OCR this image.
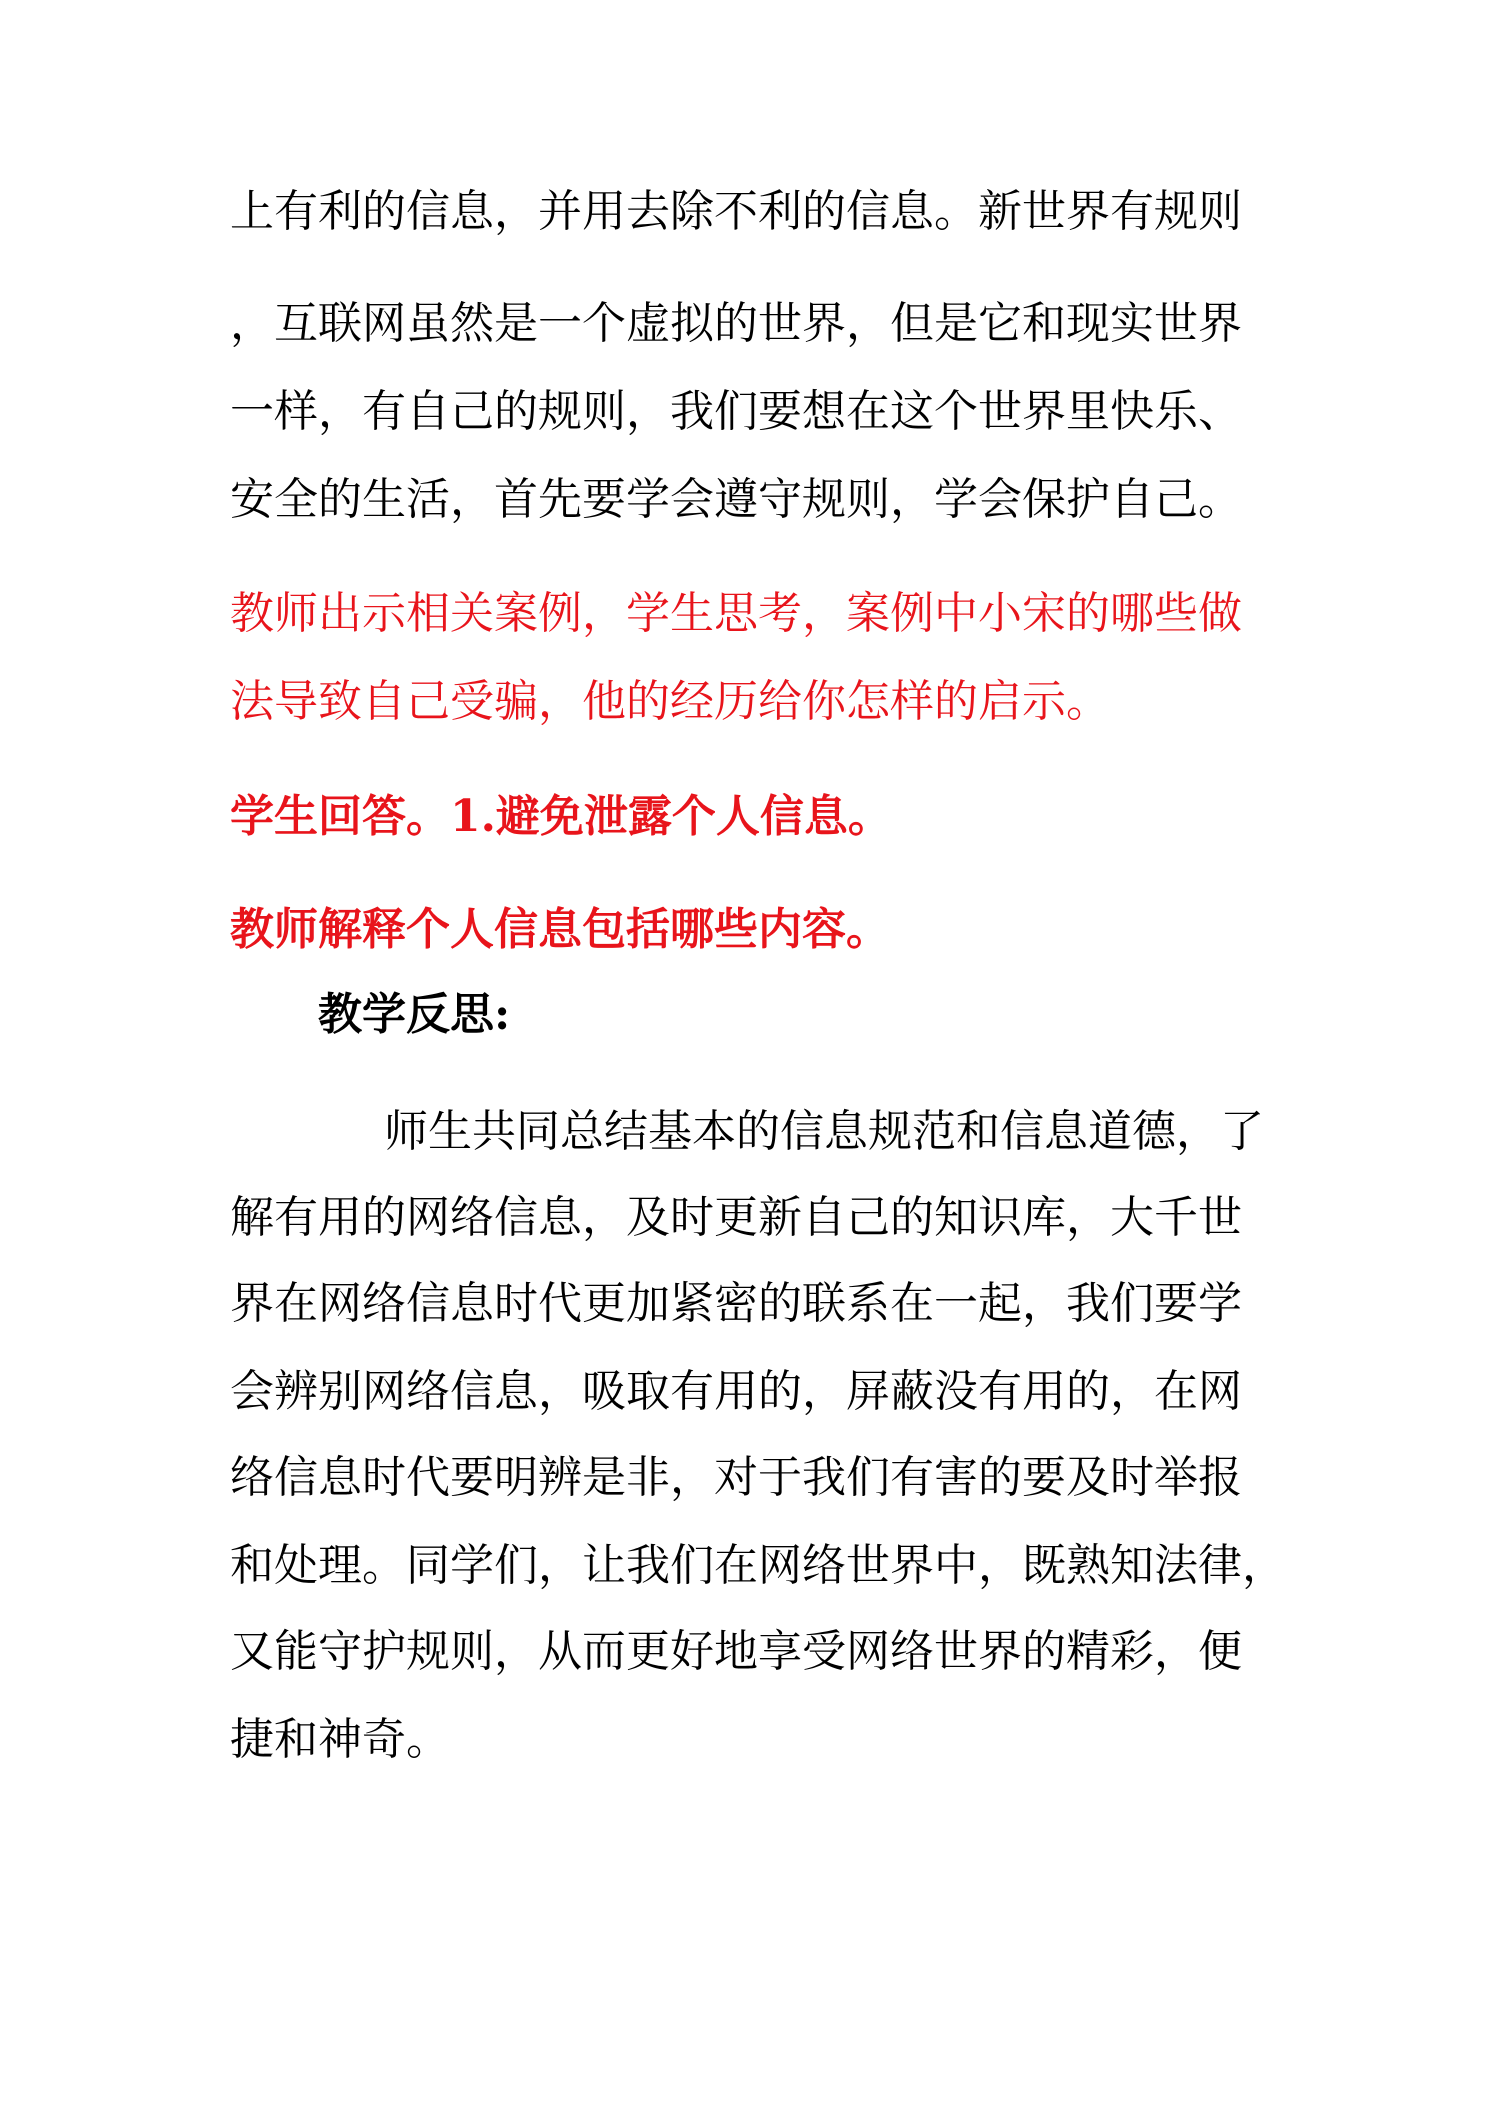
上有利的信息，并用去除不利的信息。新世界有规则
，互联网虽然是一个虚拟的世界，但是它和现实世界
一样，有自己的规则，我们要想在这个世界里快乐、
安全的生活，首先要学会遵守规则，学会保护自己。
教师出示相关案例，学生思考，案例中小宋的哪些做
法导致自己受骗，他的经历给你怎样的启示。
学生回答。1.避免泄露个人信息。
教师解释个人信息包括哪些内容。
教学反思:
师生共同总结基本的信息规范和信息道德，了
解有用的网络信息，及时更新自己的知识库，大千世
界在网络信息时代更加紧密的联系在一起，我们要学
会辨别网络信息，吸取有用的，屏蔽没有用的，在网
络信息时代要明辨是非，对于我们有害的要及时举报
和处理。同学们，让我们在网络世界中，既熟知法律，
又能守护规则，从而更好地享受网络世界的精彩，便
捷和神奇。
